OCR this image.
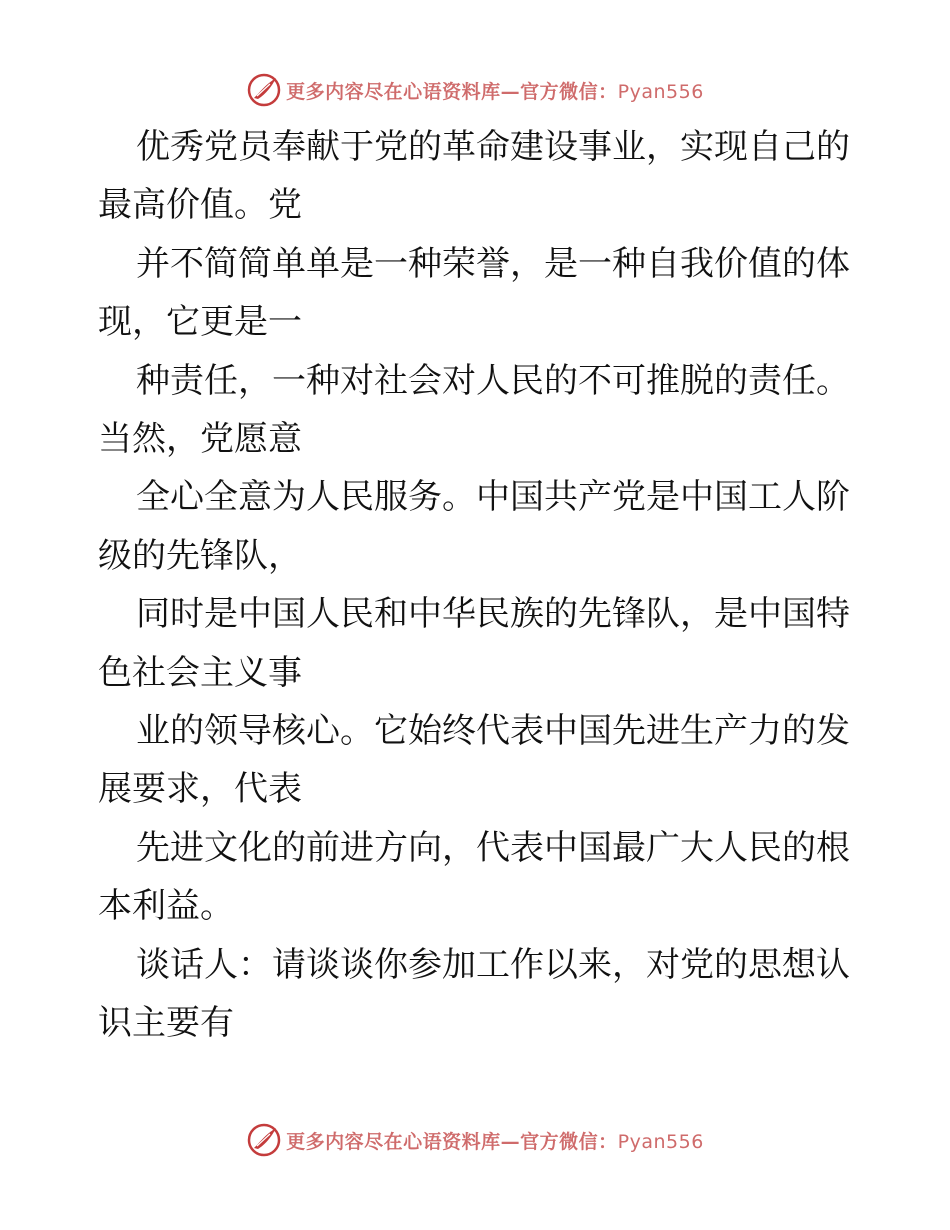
更多内容尽在心语资料库—官方微信：Pyan556

优秀党员奉献于党的革命建设事业，实现自己的最高价值。党

并不简简单单是一种荣誉，是一种自我价值的体现，它更是一

种责任，一种对社会对人民的不可推脱的责任。当然，党愿意

全心全意为人民服务。中国共产党是中国工人阶级的先锋队，

同时是中国人民和中华民族的先锋队，是中国特色社会主义事

业的领导核心。它始终代表中国先进生产力的发展要求，代表

先进文化的前进方向，代表中国最广大人民的根本利益。

谈话人：请谈谈你参加工作以来，对党的思想认识主要有

更多内容尽在心语资料库—官方微信：Pyan556
